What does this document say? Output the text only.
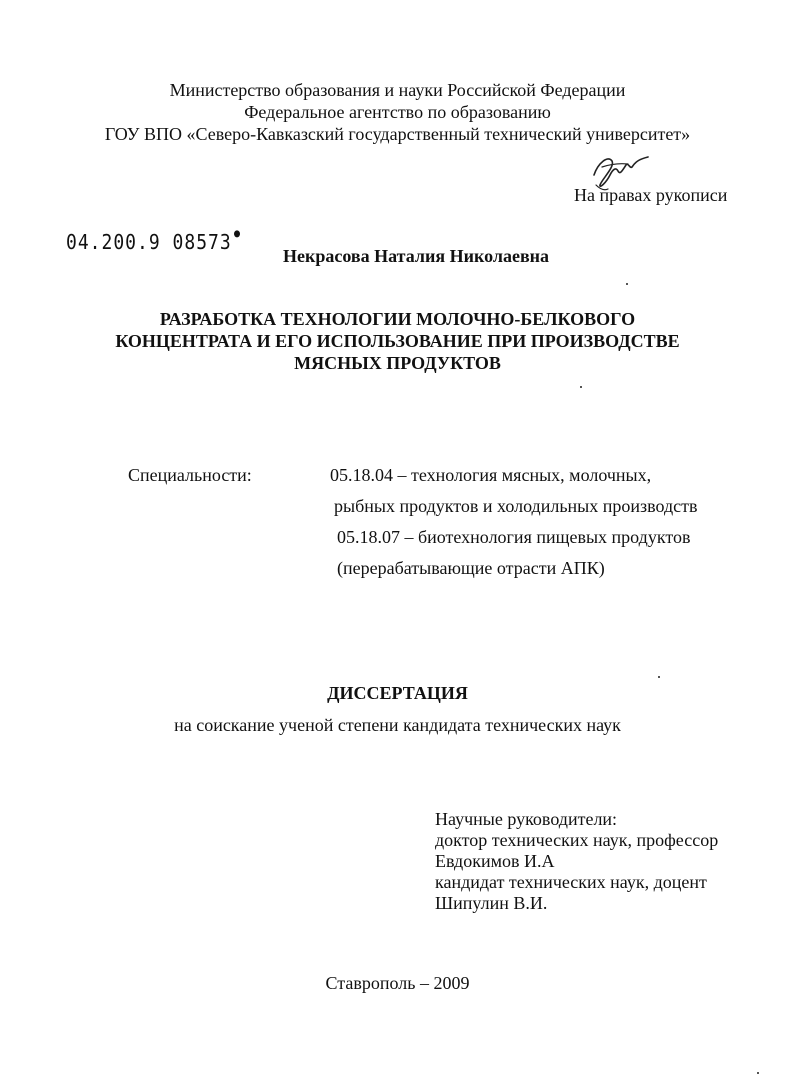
Министерство образования и науки Российской Федерации
Федеральное агентство по образованию
ГОУ ВПО «Северо-Кавказский государственный технический университет»
На правах рукописи
04.200.9 08573
Некрасова Наталия Николаевна
РАЗРАБОТКА ТЕХНОЛОГИИ МОЛОЧНО-БЕЛКОВОГО
КОНЦЕНТРАТА И ЕГО ИСПОЛЬЗОВАНИЕ ПРИ ПРОИЗВОДСТВЕ
МЯСНЫХ ПРОДУКТОВ
Специальности:	05.18.04 – технология мясных, молочных,
рыбных продуктов и холодильных производств
05.18.07 – биотехнология пищевых продуктов
(перерабатывающие отрасти АПК)
ДИССЕРТАЦИЯ
на соискание ученой степени кандидата технических наук
Научные руководители:
доктор технических наук, профессор
Евдокимов И.А
кандидат технических наук, доцент
Шипулин В.И.
Ставрополь – 2009
